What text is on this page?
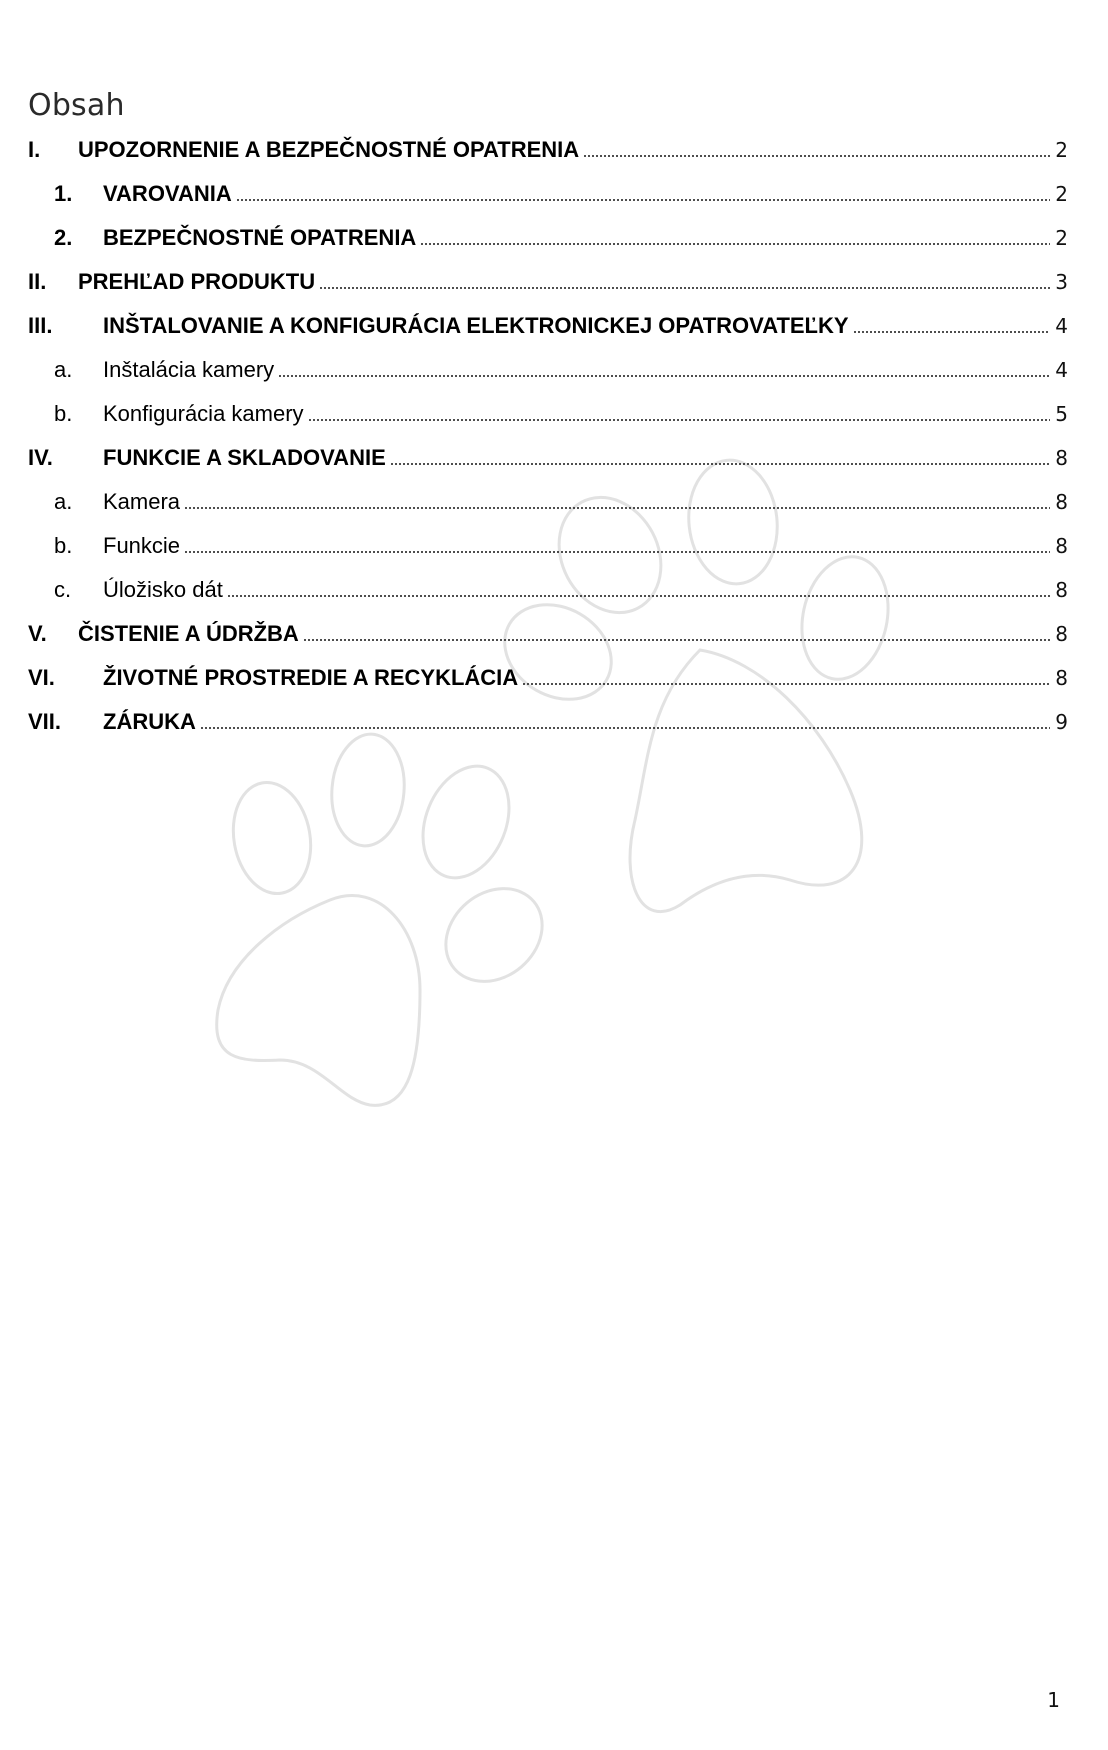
Obsah
I. UPOZORNENIE A BEZPEČNOSTNÉ OPATRENIA	2
1. VAROVANIA	2
2. BEZPEČNOSTNÉ OPATRENIA	2
II. PREHĽAD PRODUKTU	3
III. INŠTALOVANIE A KONFIGURÁCIA ELEKTRONICKEJ OPATROVATEĽKY	4
a. Inštalácia kamery	4
b. Konfigurácia kamery	5
IV. FUNKCIE A SKLADOVANIE	8
a. Kamera	8
b. Funkcie	8
c. Úložisko dát	8
V. ČISTENIE A ÚDRŽBA	8
VI. ŽIVOTNÉ PROSTREDIE A RECYKLÁCIA	8
VII. ZÁRUKA	9
1
